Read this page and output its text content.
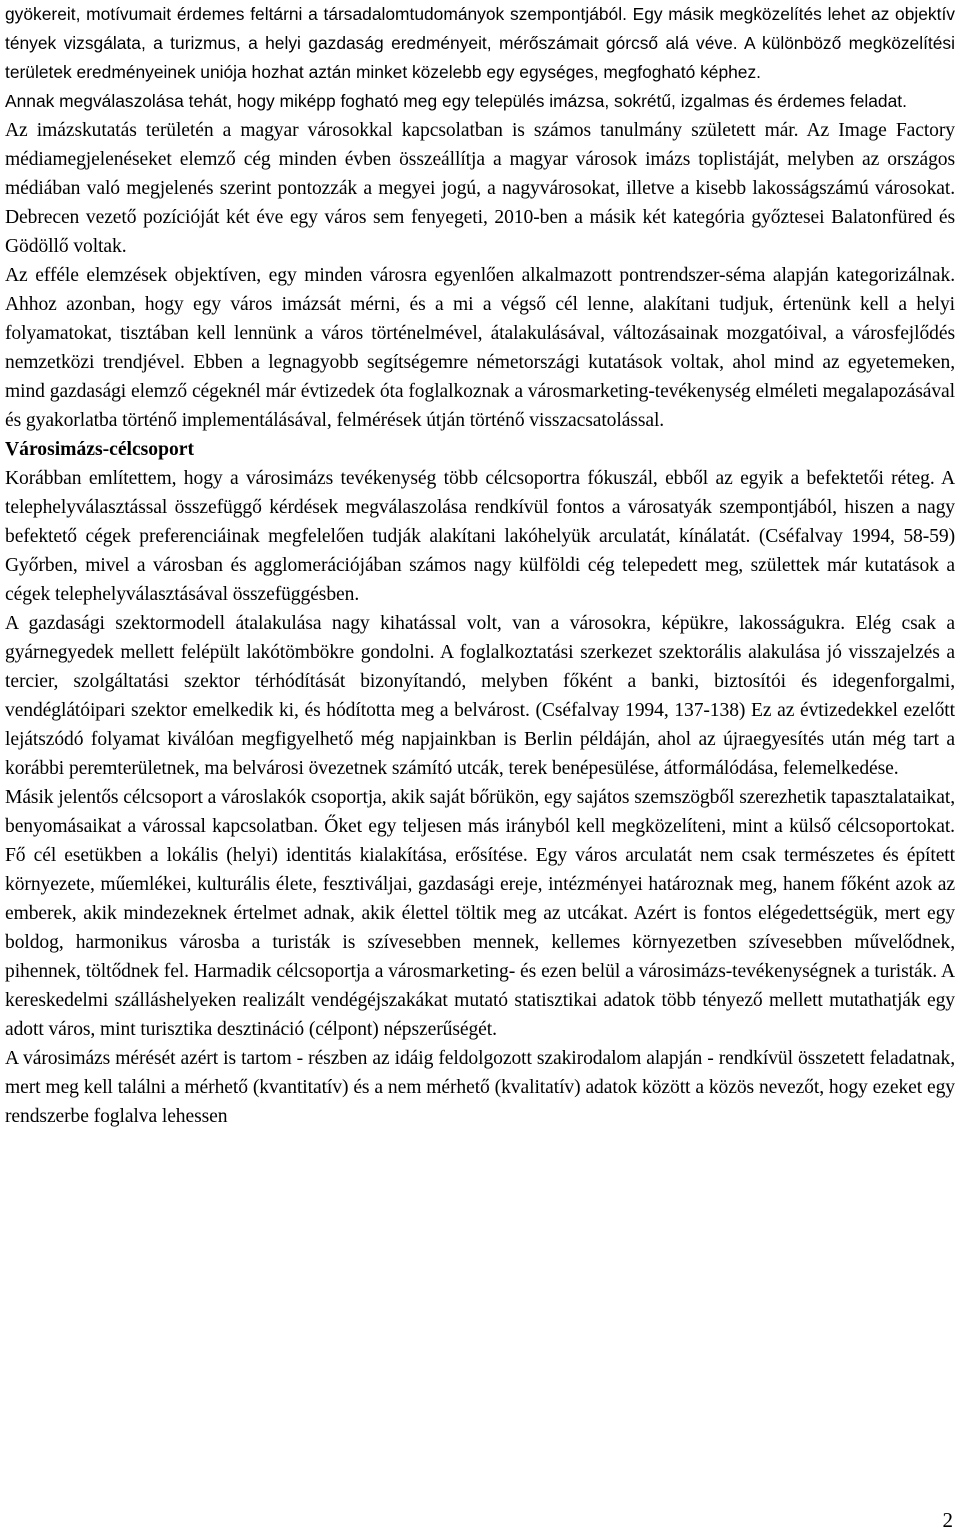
gyökereit, motívumait érdemes feltárni a társadalomtudományok szempontjából. Egy másik megközelítés lehet az objektív tények vizsgálata, a turizmus, a helyi gazdaság eredményeit, mérőszámait górcső alá véve. A különböző megközelítési területek eredményeinek uniója hozhat aztán minket közelebb egy egységes, megfogható képhez.

Annak megválaszolása tehát, hogy miképp fogható meg egy település imázsa, sokrétű, izgalmas és érdemes feladat.

Az imázskutatás területén a magyar városokkal kapcsolatban is számos tanulmány született már. Az Image Factory médiamegjelenéseket elemző cég minden évben összeállítja a magyar városok imázs toplistáját, melyben az országos médiában való megjelenés szerint pontozzák a megyei jogú, a nagyvárosokat, illetve a kisebb lakosságszámú városokat. Debrecen vezető pozícióját két éve egy város sem fenyegeti, 2010-ben a másik két kategória győztesei Balatonfüred és Gödöllő voltak.

Az efféle elemzések objektíven, egy minden városra egyenlően alkalmazott pontrendszer-séma alapján kategorizálnak. Ahhoz azonban, hogy egy város imázsát mérni, és a mi a végső cél lenne, alakítani tudjuk, értenünk kell a helyi folyamatokat, tisztában kell lennünk a város történelmével, átalakulásával, változásainak mozgatóival, a városfejlődés nemzetközi trendjével. Ebben a legnagyobb segítségemre németországi kutatások voltak, ahol mind az egyetemeken, mind gazdasági elemző cégeknél már évtizedek óta foglalkoznak a városmarketing-tevékenység elméleti megalapozásával és gyakorlatba történő implementálásával, felmérések útján történő visszacsatolással.

Városimázs-célcsoport

Korábban említettem, hogy a városimázs tevékenység több célcsoportra fókuszál, ebből az egyik a befektetői réteg. A telephelyválasztással összefüggő kérdések megválaszolása rendkívül fontos a városatyák szempontjából, hiszen a nagy befektető cégek preferenciáinak megfelelően tudják alakítani lakóhelyük arculatát, kínálatát. (Cséfalvay 1994, 58-59) Győrben, mivel a városban és agglomerációjában számos nagy külföldi cég telepedett meg, születtek már kutatások a cégek telephelyválasztásával összefüggésben.

A gazdasági szektormodell átalakulása nagy kihatással volt, van a városokra, képükre, lakosságukra. Elég csak a gyárnegyedek mellett felépült lakótömbökre gondolni. A foglalkoztatási szerkezet szektorális alakulása jó visszajelzés a tercier, szolgáltatási szektor térhódítását bizonyítandó, melyben főként a banki, biztosítói és idegenforgalmi, vendéglátóipari szektor emelkedik ki, és hódította meg a belvárost. (Cséfalvay 1994, 137-138) Ez az évtizedekkel ezelőtt lejátszódó folyamat kiválóan megfigyelhető még napjainkban is Berlin példáján, ahol az újraegyesítés után még tart a korábbi peremterületnek, ma belvárosi övezetnek számító utcák, terek benépesülése, átformálódása, felemelkedése.

Másik jelentős célcsoport a városlakók csoportja, akik saját bőrükön, egy sajátos szemszögből szerezhetik tapasztalataikat, benyomásaikat a várossal kapcsolatban. Őket egy teljesen más irányból kell megközelíteni, mint a külső célcsoportokat. Fő cél esetükben a lokális (helyi) identitás kialakítása, erősítése. Egy város arculatát nem csak természetes és épített környezete, műemlékei, kulturális élete, fesztiváljai, gazdasági ereje, intézményei határoznak meg, hanem főként azok az emberek, akik mindezeknek értelmet adnak, akik élettel töltik meg az utcákat. Azért is fontos elégedettségük, mert egy boldog, harmonikus városba a turisták is szívesebben mennek, kellemes környezetben szívesebben művelődnek, pihennek, töltődnek fel. Harmadik célcsoportja a városmarketing- és ezen belül a városimázs-tevékenységnek a turisták. A kereskedelmi szálláshelyeken realizált vendégéjszakákat mutató statisztikai adatok több tényező mellett mutathatják egy adott város, mint turisztika desztináció (célpont) népszerűségét.

A városimázs mérését azért is tartom - részben az idáig feldolgozott szakirodalom alapján - rendkívül összetett feladatnak, mert meg kell találni a mérhető (kvantitatív) és a nem mérhető (kvalitatív) adatok között a közös nevezőt, hogy ezeket egy rendszerbe foglalva lehessen

2
